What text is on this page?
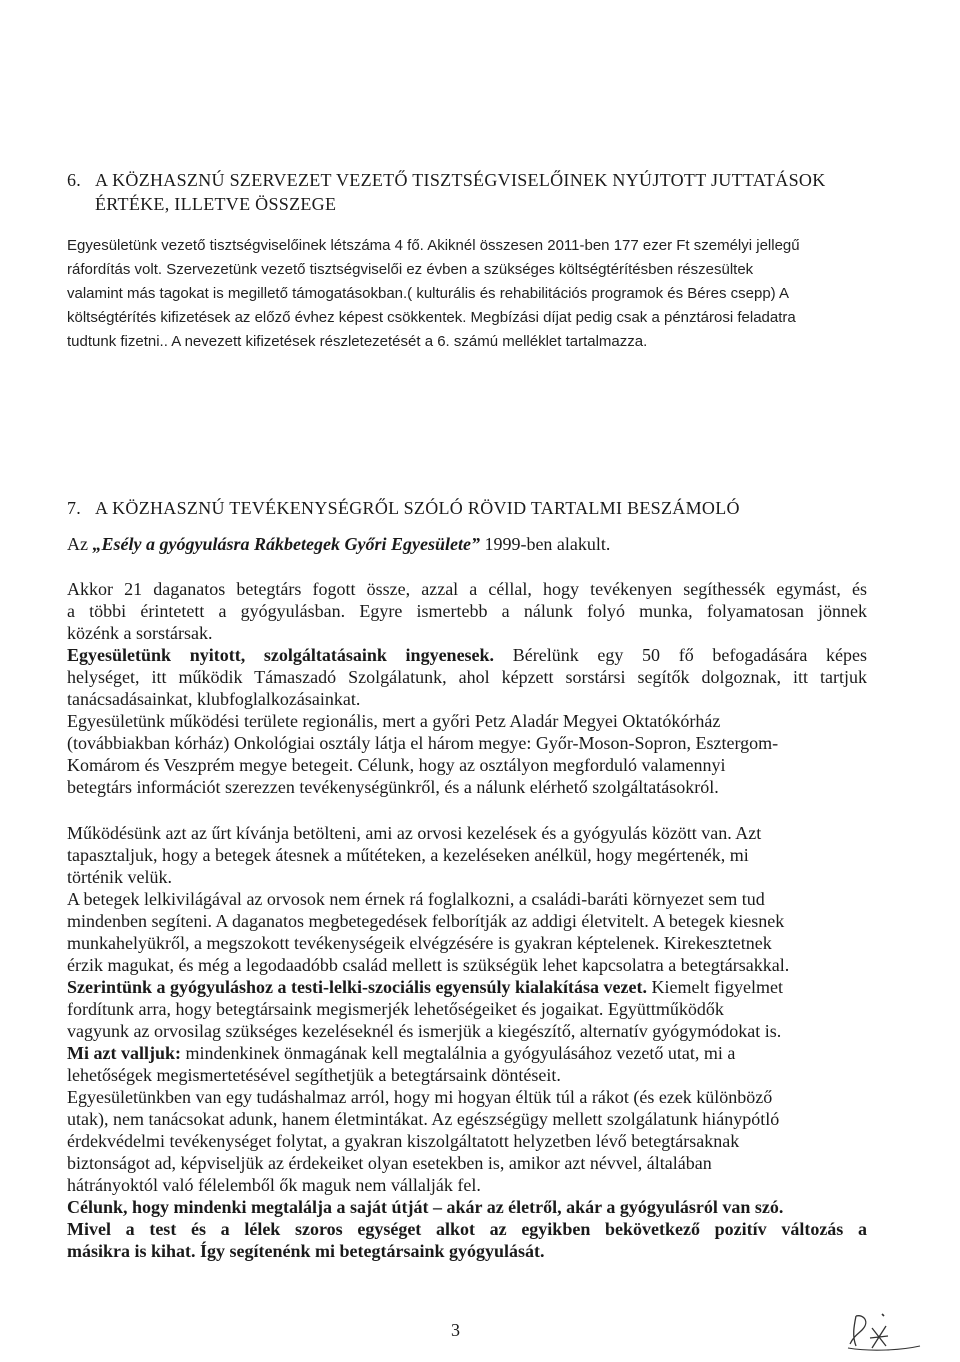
6. A KÖZHASZNÚ SZERVEZET VEZETŐ TISZTSÉGVISELŐINEK NYÚJTOTT JUTTATÁSOK
ÉRTÉKE, ILLETVE ÖSSZEGE
Egyesületünk vezető tisztségviselőinek létszáma 4 fő. Akiknél összesen 2011-ben 177 ezer Ft személyi jellegű
ráfordítás volt. Szervezetünk vezető tisztségviselői ez évben a szükséges költségtérítésben részesültek
valamint más tagokat is megillető támogatásokban.( kulturális és rehabilitációs programok és Béres csepp) A
költségtérítés kifizetések az előző évhez képest csökkentek. Megbízási díjat pedig csak a pénztárosi feladatra
tudtunk fizetni.. A nevezett kifizetések részletezetését a 6. számú melléklet tartalmazza.
7. A KÖZHASZNÚ TEVÉKENYSÉGRŐL SZÓLÓ RÖVID TARTALMI BESZÁMOLÓ
Az „Esély a gyógyulásra Rákbetegek Győri Egyesülete” 1999-ben alakult.
Akkor 21 daganatos betegtárs fogott össze, azzal a céllal, hogy tevékenyen segíthessék egymást, és
a többi érintetett a gyógyulásban. Egyre ismertebb a nálunk folyó munka, folyamatosan jönnek
közénk a sorstársak.
Egyesületünk nyitott, szolgáltatásaink ingyenesek. Bérelünk egy 50 fő befogadására képes
helységet, itt működik Támaszadó Szolgálatunk, ahol képzett sorstársi segítők dolgoznak, itt tartjuk
tanácsadásainkat, klubfoglalkozásainkat.
Egyesületünk működési területe regionális, mert a győri Petz Aladár Megyei Oktatókórház
(továbbiakban kórház) Onkológiai osztály látja el három megye: Győr-Moson-Sopron, Esztergom-
Komárom és Veszprém megye betegeit. Célunk, hogy az osztályon megforduló valamennyi
betegtárs információt szerezzen tevékenységünkről, és a nálunk elérhető szolgáltatásokról.
Működésünk azt az űrt kívánja betölteni, ami az orvosi kezelések és a gyógyulás között van. Azt
tapasztaljuk, hogy a betegek átesnek a műtéteken, a kezeléseken anélkül, hogy megértenék, mi
történik velük.
A betegek lelkivilágával az orvosok nem érnek rá foglalkozni, a családi-baráti környezet sem tud
mindenben segíteni. A daganatos megbetegedések felborítják az addigi életvitelt. A betegek kiesnek
munkahelyükről, a megszokott tevékenységeik elvégzésére is gyakran képtelenek. Kirekesztetnek
érzik magukat, és még a legodaadóbb család mellett is szükségük lehet kapcsolatra a betegtársakkal.
Szerintünk a gyógyuláshoz a testi-lelki-szociális egyensúly kialakítása vezet. Kiemelt figyelmet
fordítunk arra, hogy betegtársaink megismerjék lehetőségeiket és jogaikat. Együttműködők
vagyunk az orvosilag szükséges kezeléseknél és ismerjük a kiegészítő, alternatív gyógymódokat is.
Mi azt valljuk: mindenkinek önmagának kell megtalálnia a gyógyulásához vezető utat, mi a
lehetőségek megismertetésével segíthetjük a betegtársaink döntéseit.
Egyesületünkben van egy tudáshalmaz arról, hogy mi hogyan éltük túl a rákot (és ezek különböző
utak), nem tanácsokat adunk, hanem életmintákat. Az egészségügy mellett szolgálatunk hiánypótló
érdekvédelmi tevékenységet folytat, a gyakran kiszolgáltatott helyzetben lévő betegtársaknak
biztonságot ad, képviseljük az érdekeiket olyan esetekben is, amikor azt névvel, általában
hátrányoktól való félelemből ők maguk nem vállalják fel.
Célunk, hogy mindenki megtalálja a saját útját – akár az életről, akár a gyógyulásról van szó.
Mivel a test és a lélek szoros egységet alkot az egyikben bekövetkező pozitív változás a
másikra is kihat. Így segítenénk mi betegtársaink gyógyulását.
3
